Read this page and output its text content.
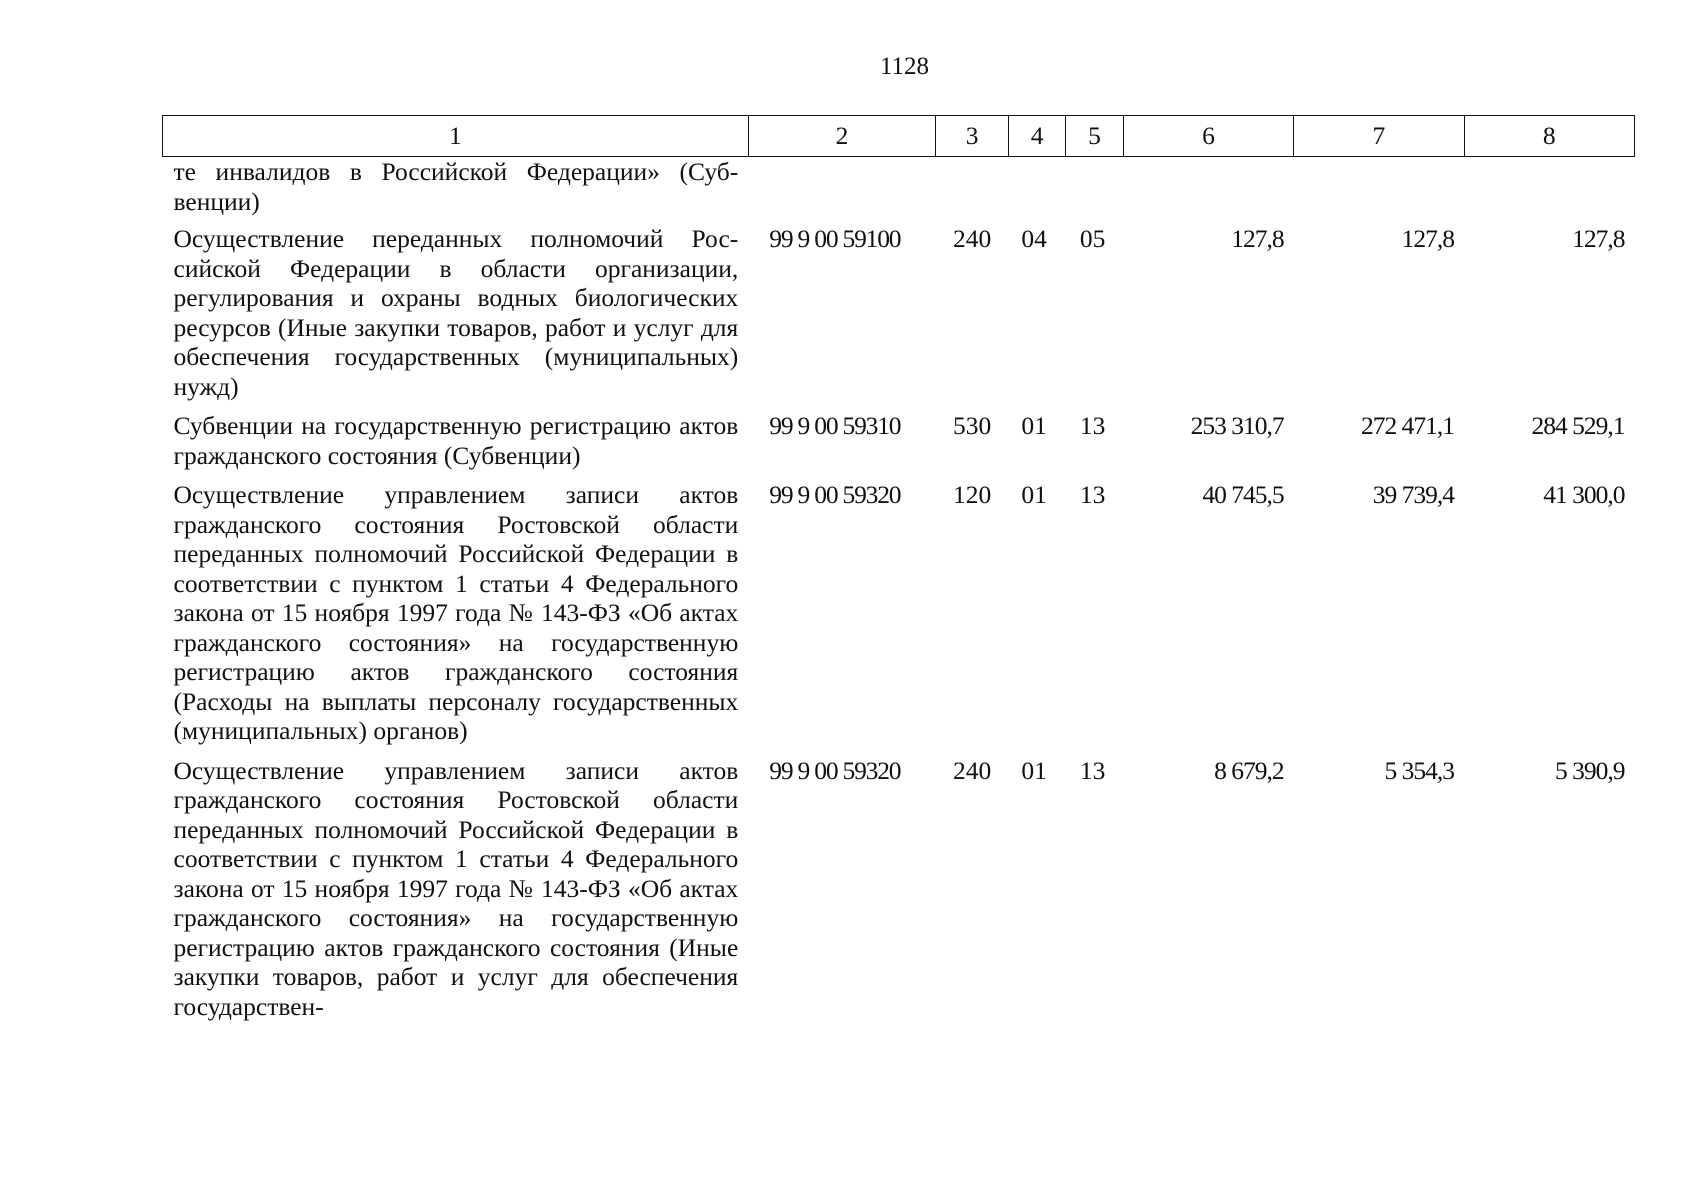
1128
1	2	3	4	5	6	7	8
те инвалидов в Российской Федерации» (Субвенции)							
Осуществление переданных полномочий Российской Федерации в области организации, регулирования и охраны водных биологических ресурсов (Иные закупки товаров, работ и услуг для обеспечения государственных (муниципальных) нужд)	99 9 00 59100	240	04	05	127,8	127,8	127,8
Субвенции на государственную регистрацию актов гражданского состояния (Субвенции)	99 9 00 59310	530	01	13	253 310,7	272 471,1	284 529,1
Осуществление управлением записи актов гражданского состояния Ростовской области переданных полномочий Российской Федерации в соответствии с пунктом 1 статьи 4 Федерального закона от 15 ноября 1997 года № 143-ФЗ «Об актах гражданского состояния» на государственную регистрацию актов гражданского состояния (Расходы на выплаты персоналу государственных (муниципальных) органов)	99 9 00 59320	120	01	13	40 745,5	39 739,4	41 300,0
Осуществление управлением записи актов гражданского состояния Ростовской области переданных полномочий Российской Федерации в соответствии с пунктом 1 статьи 4 Федерального закона от 15 ноября 1997 года № 143-ФЗ «Об актах гражданского состояния» на государственную регистрацию актов гражданского состояния (Иные закупки товаров, работ и услуг для обеспечения государствен-	99 9 00 59320	240	01	13	8 679,2	5 354,3	5 390,9
